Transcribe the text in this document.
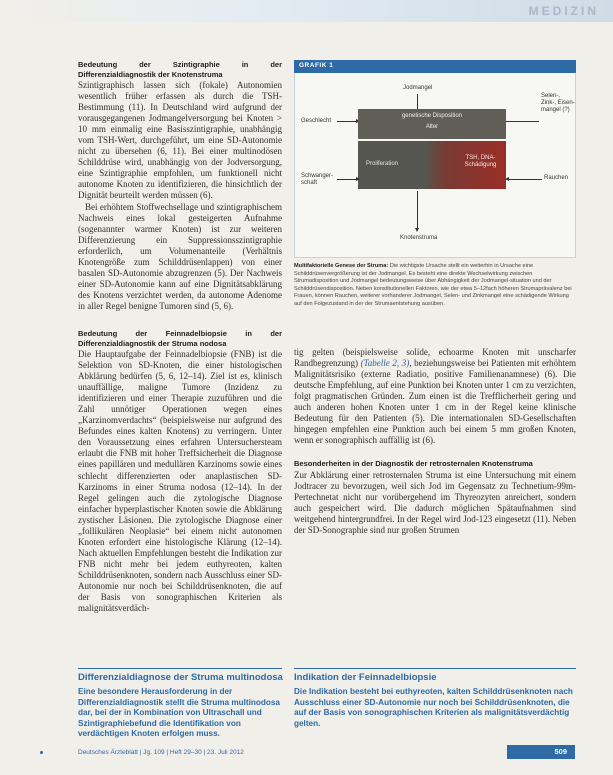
MEDIZIN
Bedeutung der Szintigraphie in der Differenzialdiagnostik der Knotenstruma

Szintigraphisch lassen sich (fokale) Autonomien wesentlich früher erfassen als durch die TSH-Bestimmung (11). In Deutschland wird aufgrund der vorausgegangenen Jodmangelversorgung bei Knoten > 10 mm einmalig eine Basisszintigraphie, unabhängig vom TSH-Wert, durchgeführt, um eine SD-Autonomie nicht zu übersehen (6, 11). Bei einer multinodösen Schilddrüse wird, unabhängig von der Jodversorgung, eine Szintigraphie empfohlen, um funktionell nicht autonome Knoten zu identifizieren, die hinsichtlich der Dignität beurteilt werden müssen (6).

Bei erhöhtem Stoffwechsellage und szintigraphischem Nachweis eines lokal gesteigerten Aufnahme (sogenannter warmer Knoten) ist zur weiteren Differenzierung ein Suppressionsszintigraphie erforderlich, um Volumenanteile (Verhältnis Knotengröße zum Schilddrüsenlappen) von einer basalen SD-Autonomie abzugrenzen (5). Der Nachweis einer SD-Autonomie kann auf eine Dignitätsabklärung des Knotens verzichtet werden, da autonome Adenome in aller Regel benigne Tumoren sind (5, 6).

Bedeutung der Feinnadelbiopsie in der Differenzialdiagnostik der Struma nodosa

Die Hauptaufgabe der Feinnadelbiopsie (FNB) ist die Selektion von SD-Knoten, die einer histologischen Abklärung bedürfen (5, 6, 12–14). Ziel ist es, klinisch unauffällige, maligne Tumore (Inzidenz zu identifizieren und einer Therapie zuzuführen und die Zahl unnötiger Operationen wegen eines „Karzinomverdachts“ (beispielsweise nur aufgrund des Befundes eines kalten Knotens) zu verringern. Unter den Voraussetzung eines erfahren Untersuchersteam erlaubt die FNB mit hoher Treffsicherheit die Diagnose eines papillären und medullären Karzinoms sowie eines schlecht differenzierten oder anaplastischen SD-Karzinoms in einer Struma nodosa (12–14). In der Regel gelingen auch die zytologische Diagnose einfacher hyperplastischer Knoten sowie die Abklärung zystischer Läsionen. Die zytologische Diagnose einer „follikulären Neoplasie“ bei einem nicht autonomen Knoten erfordert eine histologische Klärung (12–14). Nach aktuellen Empfehlungen besteht die Indikation zur FNB nicht mehr bei jedem euthyreoten, kalten Schilddrüsenknoten, sondern nach Ausschluss einer SD-Autonomie nur noch bei Schilddrüsenknoten, die auf der Basis von sonographischen Kriterien als malignitätsverdäch-

GRAFIK 1
Jodmangel
Selen-, Zink-, Eisen-mangel (?)
Geschlecht
genetische Disposition
Alter
Proliferation
TSH, DNA-Schädigung
Schwanger-schaft
Rauchen
Knotenstruma
Multifaktorielle Genese der Struma: Die wichtigste Ursache stellt ein weiterhin in Ursache eine Schilddrüsenvergrößerung ist der Jodmangel. Es besteht eine direkte Wechselwirkung zwischen Strumadisposition und Jodmangel bedeutungsweise über Abhängigkeit der Jodmangel-situation und der Schilddrüsendisposition. Neben konstitutionellen Faktoren, wie der etwa 5–12fach höheren Strumaprävalenz bei Frauen, können Rauchen, weiterer vorhanderer Jodmangel, Selen- und Zinkmangel eine schädigende Wirkung auf den Folgezustand in der der Strumaentstehung ausüben.

tig gelten (beispielsweise solide, echoarme Knoten mit unscharfer Randbegrenzung) (Tabelle 2, 3), beziehungsweise bei Patienten mit erhöhtem Malignitätsrisiko (externe Radiatio, positive Familienanamnese) (6). Die deutsche Empfehlung, auf eine Punktion bei Knoten unter 1 cm zu verzichten, folgt pragmatischen Gründen. Zum einen ist die Trefflicherheit gering und auch anderen hohen Knoten unter 1 cm in der Regel keine klinische Bedeutung für den Patienten (5). Die internationalen SD-Gesellschaften hingegen empfehlen eine Punktion auch bei einem 5 mm großen Knoten, wenn er sonographisch auffällig ist (6).

Besonderheiten in der Diagnostik der retrosternalen Knotenstruma

Zur Abklärung einer retrosternalen Struma ist eine Untersuchung mit einem Jodtracer zu bevorzugen, weil sich Jod im Gegensatz zu Technetium-99m-Pertechnetat nicht nur vorübergehend im Thyreozyten anreichert, sondern auch gespeichert wird. Die dadurch möglichen Spätaufnahmen sind weitgehend hintergrundfrei. In der Regel wird Jod-123 eingesetzt (11). Neben der SD-Sonographie sind nur großen Strumen

Differenzialdiagnose der Struma multinodosa

Eine besondere Herausforderung in der Differenzialdiagnostik stellt die Struma multinodosa dar, bei der in Kombination von Ultraschall und Szintigraphiebefund die Identifikation von verdächtigen Knoten erfolgen muss.

Indikation der Feinnadelbiopsie

Die Indikation besteht bei euthyreoten, kalten Schilddrüsenknoten nach Ausschluss einer SD-Autonomie nur noch bei Schilddrüsenknoten, die auf der Basis von sonographischen Kriterien als malignitätsverdächtig gelten.

Deutsches Ärzteblatt | Jg. 109 | Heft 29–30 | 23. Juli 2012	509
